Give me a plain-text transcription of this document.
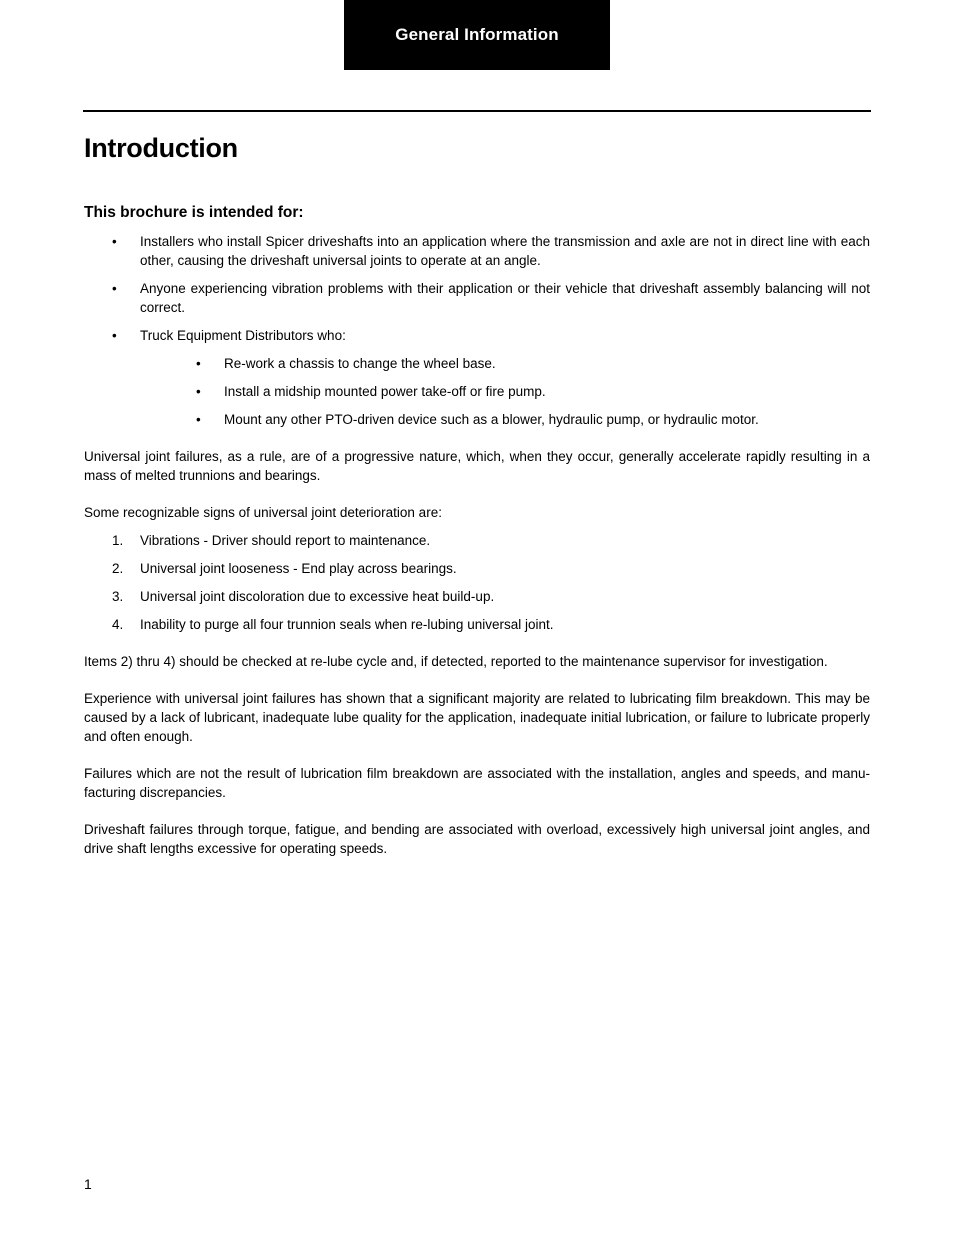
General Information
Introduction
This brochure is intended for:
• Installers who install Spicer driveshafts into an application where the transmission and axle are not in direct line with each other, causing the driveshaft universal joints to operate at an angle.
• Anyone experiencing vibration problems with their application or their vehicle that driveshaft assembly balancing will not correct.
• Truck Equipment Distributors who:
• Re-work a chassis to change the wheel base.
• Install a midship mounted power take-off or fire pump.
• Mount any other PTO-driven device such as a blower, hydraulic pump, or hydraulic motor.

Universal joint failures, as a rule, are of a progressive nature, which, when they occur, generally accelerate rapidly resulting in a mass of melted trunnions and bearings.

Some recognizable signs of universal joint deterioration are:

1. Vibrations - Driver should report to maintenance.
2. Universal joint looseness - End play across bearings.
3. Universal joint discoloration due to excessive heat build-up.
4. Inability to purge all four trunnion seals when re-lubing universal joint.

Items 2) thru 4) should be checked at re-lube cycle and, if detected, reported to the maintenance supervisor for investigation.

Experience with universal joint failures has shown that a significant majority are related to lubricating film breakdown. This may be caused by a lack of lubricant, inadequate lube quality for the application, inadequate initial lubrication, or failure to lubricate properly and often enough.

Failures which are not the result of lubrication film breakdown are associated with the installation, angles and speeds, and manu-facturing discrepancies.

Driveshaft failures through torque, fatigue, and bending are associated with overload, excessively high universal joint angles, and drive shaft lengths excessive for operating speeds.

1
